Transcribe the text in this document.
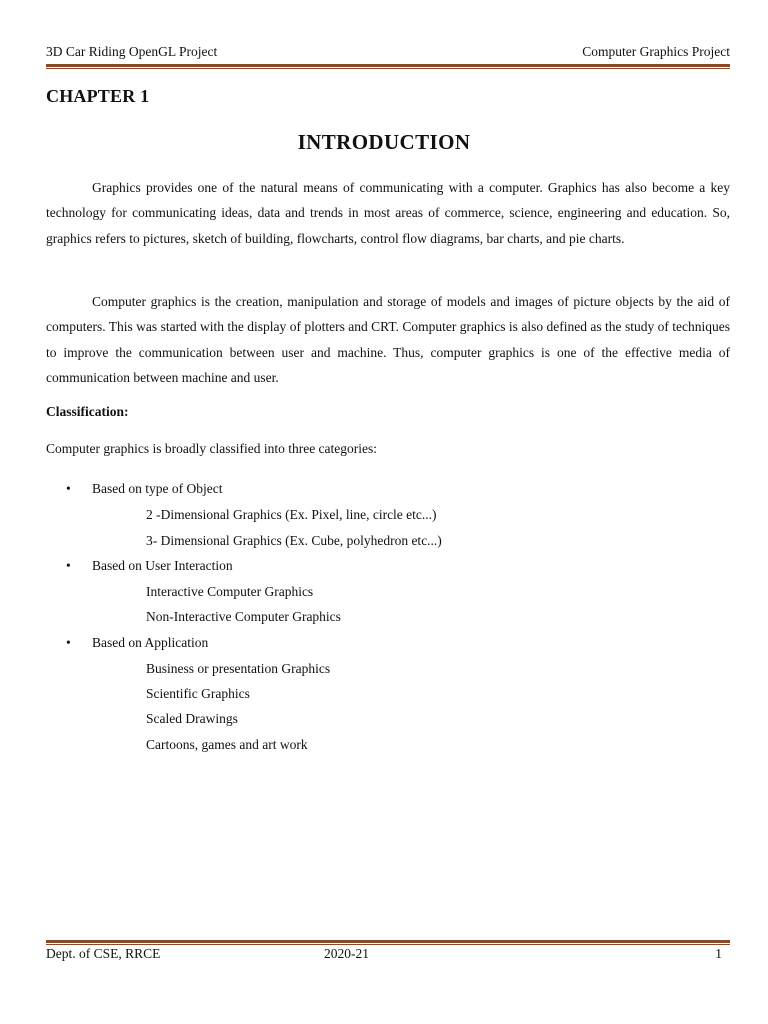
3D Car Riding OpenGL Project	Computer Graphics Project
CHAPTER 1
INTRODUCTION

Graphics provides one of the natural means of communicating with a computer. Graphics has also become a key technology for communicating ideas, data and trends in most areas of commerce, science, engineering and education. So, graphics refers to pictures, sketch of building, flowcharts, control flow diagrams, bar charts, and pie charts.

Computer graphics is the creation, manipulation and storage of models and images of picture objects by the aid of computers. This was started with the display of plotters and CRT. Computer graphics is also defined as the study of techniques to improve the communication between user and machine. Thus, computer graphics is one of the effective media of communication between machine and user.

Classification:
Computer graphics is broadly classified into three categories:
• Based on type of Object
2 -Dimensional Graphics (Ex. Pixel, line, circle etc...)
3- Dimensional Graphics (Ex. Cube, polyhedron etc...)
• Based on User Interaction
Interactive Computer Graphics
Non-Interactive Computer Graphics
• Based on Application
Business or presentation Graphics
Scientific Graphics
Scaled Drawings
Cartoons, games and art work
Dept. of CSE, RRCE	2020-21	1
